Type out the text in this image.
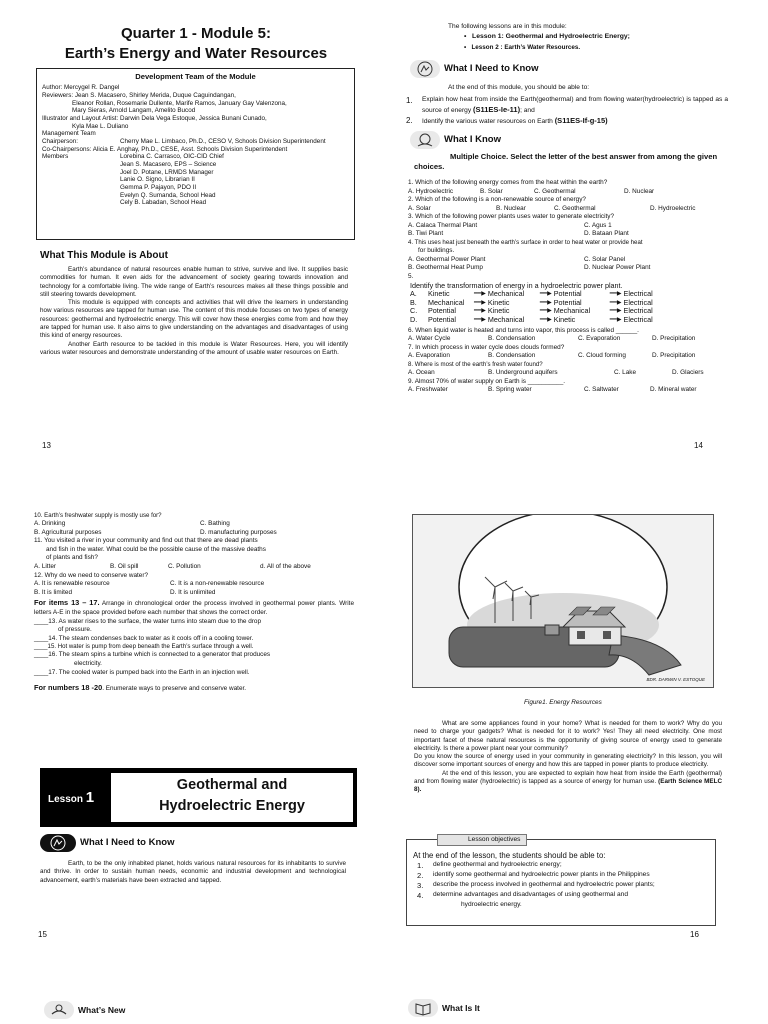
Quarter 1 - Module 5:
Earth’s Energy and Water Resources
Development Team of the Module
Author: Mercygel R. Dangel
Reviewers: Jean S. Macasero, Shirley Merida, Duque Caguindangan,
Eleanor Rollan, Rosemarie Dullente, Marife Ramos, January Gay Valenzona,
Mary Sieras, Arnold Langam, Amelito Bucod
Illustrator and Layout Artist: Darwin Dela Vega Estoque, Jessica Bunani Cunado,
Kyla Mae L. Duliano
Management Team
Chairperson:	Cherry Mae L. Limbaco, Ph.D., CESO V, Schools Division Superintendent
Co-Chairpersons: Alicia E. Anghay, Ph.D., CESE, Asst. Schools Division Superintendent
Members	Lorebina C. Carrasco, OIC-CID Chief
Jean S. Macasero, EPS – Science
Joel D. Potane, LRMDS Manager
Lanie O. Signo, Librarian II
Gemma P. Pajayon, PDO II
Evelyn Q. Sumanda, School Head
Cely B. Labadan, School Head
What This Module is About

Earth’s abundance of natural resources enable human to strive, survive and live. It supplies basic commodities for human. It even aids for the advancement of society gearing towards innovation and technology for a comfortable living. The wide range of Earth’s resources makes all these things possible and still steering towards development.

This module is equipped with concepts and activities that will drive the learners in understanding how various resources are tapped for human use. The content of this module focuses on two types of energy resources: geothermal and hydroelectric energy. This will cover how these energies come from and how they are tapped for human use. It also aims to give understanding on the advantages and disadvantages of using this kind of energy resources.

Another Earth resource to be tackled in this module is Water Resources. Here, you will identify various water resources and demonstrate understanding of the amount of usable water resources on Earth.

13
The following lessons are in this module:
•   Lesson 1: Geothermal and Hydroelectric Energy;
•   Lesson 2 : Earth’s Water Resources.
What I Need to Know
At the end of this module, you should be able to:
1.	Explain how heat from inside the Earth(geothermal) and from flowing water(hydroelectric) is tapped as a source of energy (S11ES-Ie-11); and
2.	Identify the various water resources on Earth (S11ES-If-g-15)
What I Know
Multiple Choice. Select the letter of the best answer from among the given choices.
1. Which of the following energy comes from the heat within the earth?
A. Hydroelectric	B. Solar	C. Geothermal	D. Nuclear
2. Which of the following is a non-renewable source of energy?
A. Solar	B. Nuclear	C. Geothermal	D. Hydroelectric
3. Which of the following power plants uses water to generate electricity?
A. Calaca Thermal Plant	C. Agus 1
B. Tiwi Plant	D. Bataan Plant
4. This uses heat just beneath the earth’s surface in order to heat water or provide heat
for buildings.
A. Geothermal Power Plant	C. Solar Panel
B. Geothermal Heat Pump	D. Nuclear Power Plant
5.
Identify the transformation of energy in a hydroelectric power plant.
A.	Kinetic	━━▶ Mechanical	━━▶ Potential	━━▶ Electrical
B.	Mechanical	━━▶ Kinetic	━━▶ Potential	━━▶ Electrical
C.	Potential	━━▶ Kinetic	━━▶ Mechanical	━━▶ Electrical
D.	Potential	━━▶ Mechanical	━━▶ Kinetic	━━▶ Electrical
6. When liquid water is heated and turns into vapor, this process is called ______.
A. Water Cycle	B. Condensation	C. Evaporation	D. Precipitation
7. In which process in water cycle does clouds formed?
A. Evaporation	B. Condensation	C. Cloud forming	D. Precipitation
8. Where is most of the earth’s fresh water found?
A. Ocean	B. Underground aquifers	C. Lake	D. Glaciers
9. Almost 70% of water supply on Earth is __________.
A. Freshwater	B. Spring water	C. Saltwater	D. Mineral water
14
10. Earth’s freshwater supply is mostly use for?
A. Drinking	C. Bathing
B. Agricultural purposes	D. manufacturing purposes
11. You visited a river in your community and find out that there are dead plants
and fish in the water. What could be the possible cause of the massive deaths
of plants and fish?
A. Litter	B. Oil spill	C. Pollution	d. All of the above
12. Why do we need to conserve water?
A. It is renewable resource	C. It is a non-renewable resource
B. It is limited	D. It is unlimited
For items 13 – 17. Arrange in chronological order the process involved in geothermal power plants. Write letters A-E in the space provided before each number that shows the correct order.
____13. As water rises to the surface, the water turns into steam due to the drop
of pressure.
____14. The steam condenses back to water as it cools off in a cooling tower.
____15. Hot water is pump from deep beneath the Earth’s surface through a well.
____16. The steam spins a turbine which is connected to a generator that produces
electricity.
____17. The cooled water is pumped back into the Earth in an injection well.
For numbers 18 -20. Enumerate ways to preserve and conserve water.
Lesson 1
Geothermal and
Hydroelectric Energy
What I Need to Know

Earth, to be the only inhabited planet, holds various natural resources for its inhabitants to survive and thrive. In order to sustain human needs, economic and industrial development and technological advancement, earth’s materials have been extracted and tapped.

15
What’s New
BDR. DARWIN V. ESTOQUE
Figure1. Energy Resources

What are some appliances found in your home? What is needed for them to work? Why do you need to charge your gadgets? What is needed for it to work? Yes! They all need electricity. One most important facet of these natural resources is the opportunity of giving source of energy used to generate electricity. Is there a power plant near your community?

Do you know the source of energy used in your community in generating electricity? In this lesson, you will discover some important sources of energy and how this are tapped in power plants to produce electricity.

At the end of this lesson, you are expected to explain how heat from inside the Earth (geothermal) and from flowing water (hydroelectric) is tapped as a source of energy for human use. (Earth Science MELC 8).

Lesson objectives
At the end of the lesson, the students should be able to:
1.	define geothermal and hydroelectric energy;
2.	identify some geothermal and hydroelectric power plants in the Philippines
3.	describe the process involved in geothermal and hydroelectric power plants;
4.	determine advantages and disadvantages of using geothermal and
hydroelectric energy.
16
What Is It
